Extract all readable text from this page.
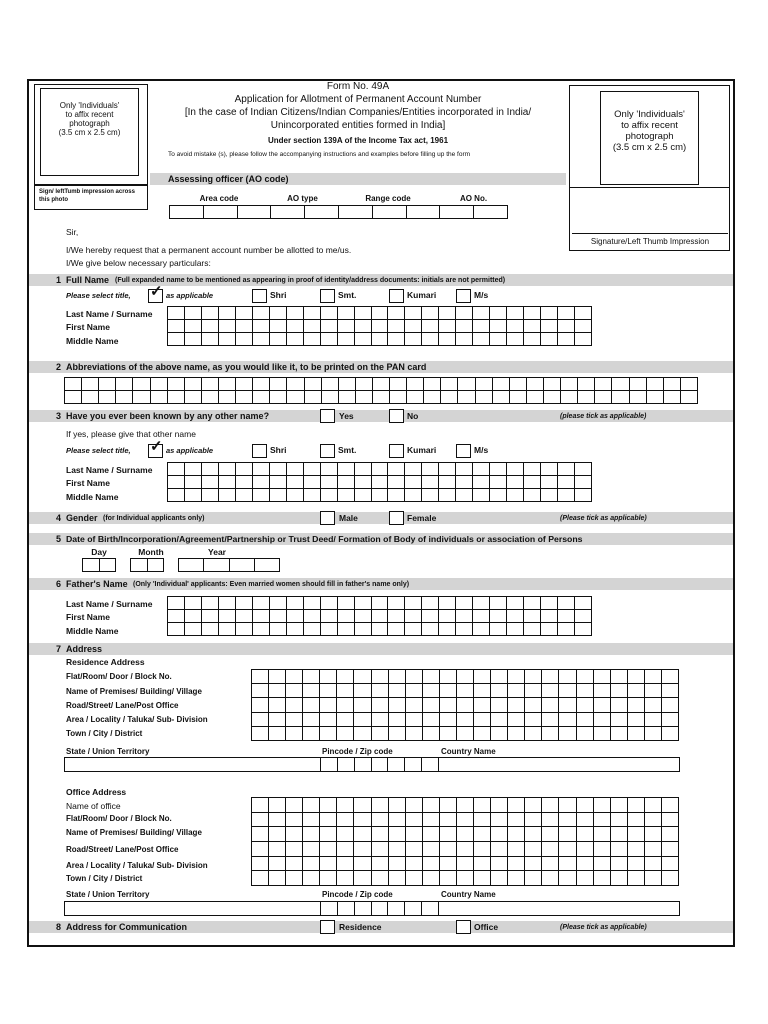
Only 'Individuals'
to affix recent
photograph
(3.5 cm x 2.5 cm)
Sign/ leftTumb impression across
this photo
Only 'Individuals'
to affix recent
photograph
(3.5 cm x 2.5 cm)
Signature/Left Thumb Impression
Form No. 49A
Application for Allotment of Permanent Account Number
[In the case of Indian Citizens/Indian Companies/Entities incorporated in India/
Unincorporated entities formed in India]
Under section 139A of the Income Tax act, 1961
To avoid mistake (s), please follow the accompanying instructions and examples before filling up the form
Assessing officer (AO code)
Area code	AO type	Range code	AO No.
Sir,
I/We hereby request that a permanent account number be allotted to me/us.
I/We give below necessary particulars:
1 Full Name (Full expanded name to be mentioned as appearing in proof of identity/address documents: initials are not permitted)
Please select title, ✓ as applicable	Shri	Smt.	Kumari	M/s
Last Name / Surname
First Name
Middle Name
2 Abbreviations of the above name, as you would like it, to be printed on the PAN card
3 Have you ever been known by any other name?	(please tick as applicable)
Yes	No
If yes, please give that other name
Please select title, ✓ as applicable	Shri	Smt.	Kumari	M/s
Last Name / Surname
First Name
Middle Name
4 Gender (for Individual applicants only)	(Please tick as applicable)
Male	Female
5 Date of Birth/Incorporation/Agreement/Partnership or Trust Deed/ Formation of Body of individuals or association of Persons
Day	Month	Year
6 Father's Name (Only 'Individual' applicants: Even married women should fill in father's name only)
Last Name / Surname
First Name
Middle Name
7 Address
Residence Address
Flat/Room/ Door / Block No.
Name of Premises/ Building/ Village
Road/Street/ Lane/Post Office
Area / Locality / Taluka/ Sub- Division
Town / City / District
State / Union Territory	Pincode / Zip code	Country Name
Office Address
Name of office
Flat/Room/ Door / Block No.
Name of Premises/ Building/ Village
Road/Street/ Lane/Post Office
Area / Locality / Taluka/ Sub- Division
Town / City / District
State / Union Territory	Pincode / Zip code	Country Name
8 Address for Communication	(Please tick as applicable)
Residence	Office
